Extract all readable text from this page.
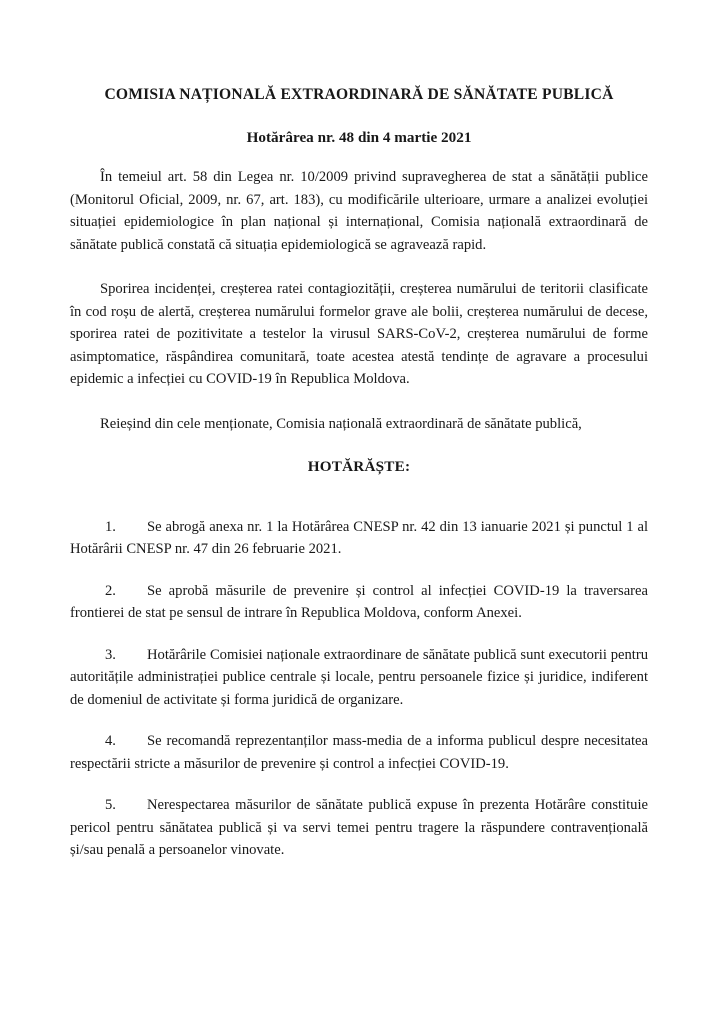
COMISIA NAȚIONALĂ EXTRAORDINARĂ DE SĂNĂTATE PUBLICĂ
Hotărârea nr. 48 din 4 martie 2021

În temeiul art. 58 din Legea nr. 10/2009 privind supravegherea de stat a sănătății publice (Monitorul Oficial, 2009, nr. 67, art. 183), cu modificările ulterioare, urmare a analizei evoluției situației epidemiologice în plan național și internațional, Comisia națională extraordinară de sănătate publică constată că situația epidemiologică se agravează rapid.

Sporirea incidenței, creșterea ratei contagiozității, creșterea numărului de teritorii clasificate în cod roșu de alertă, creșterea numărului formelor grave ale bolii, creșterea numărului de decese, sporirea ratei de pozitivitate a testelor la virusul SARS-CoV-2, creșterea numărului de forme asimptomatice, răspândirea comunitară, toate acestea atestă tendințe de agravare a procesului epidemic a infecției cu COVID-19 în Republica Moldova.

Reieșind din cele menționate, Comisia națională extraordinară de sănătate publică,

HOTĂRĂȘTE:

1. Se abrogă anexa nr. 1 la Hotărârea CNESP nr. 42 din 13 ianuarie 2021 și punctul 1 al Hotărârii CNESP nr. 47 din 26 februarie 2021.

2. Se aprobă măsurile de prevenire și control al infecției COVID-19 la traversarea frontierei de stat pe sensul de intrare în Republica Moldova, conform Anexei.

3. Hotărârile Comisiei naționale extraordinare de sănătate publică sunt executorii pentru autoritățile administrației publice centrale și locale, pentru persoanele fizice și juridice, indiferent de domeniul de activitate și forma juridică de organizare.

4. Se recomandă reprezentanților mass-media de a informa publicul despre necesitatea respectării stricte a măsurilor de prevenire și control a infecției COVID-19.

5. Nerespectarea măsurilor de sănătate publică expuse în prezenta Hotărâre constituie pericol pentru sănătatea publică și va servi temei pentru tragere la răspundere contravențională și/sau penală a persoanelor vinovate.
